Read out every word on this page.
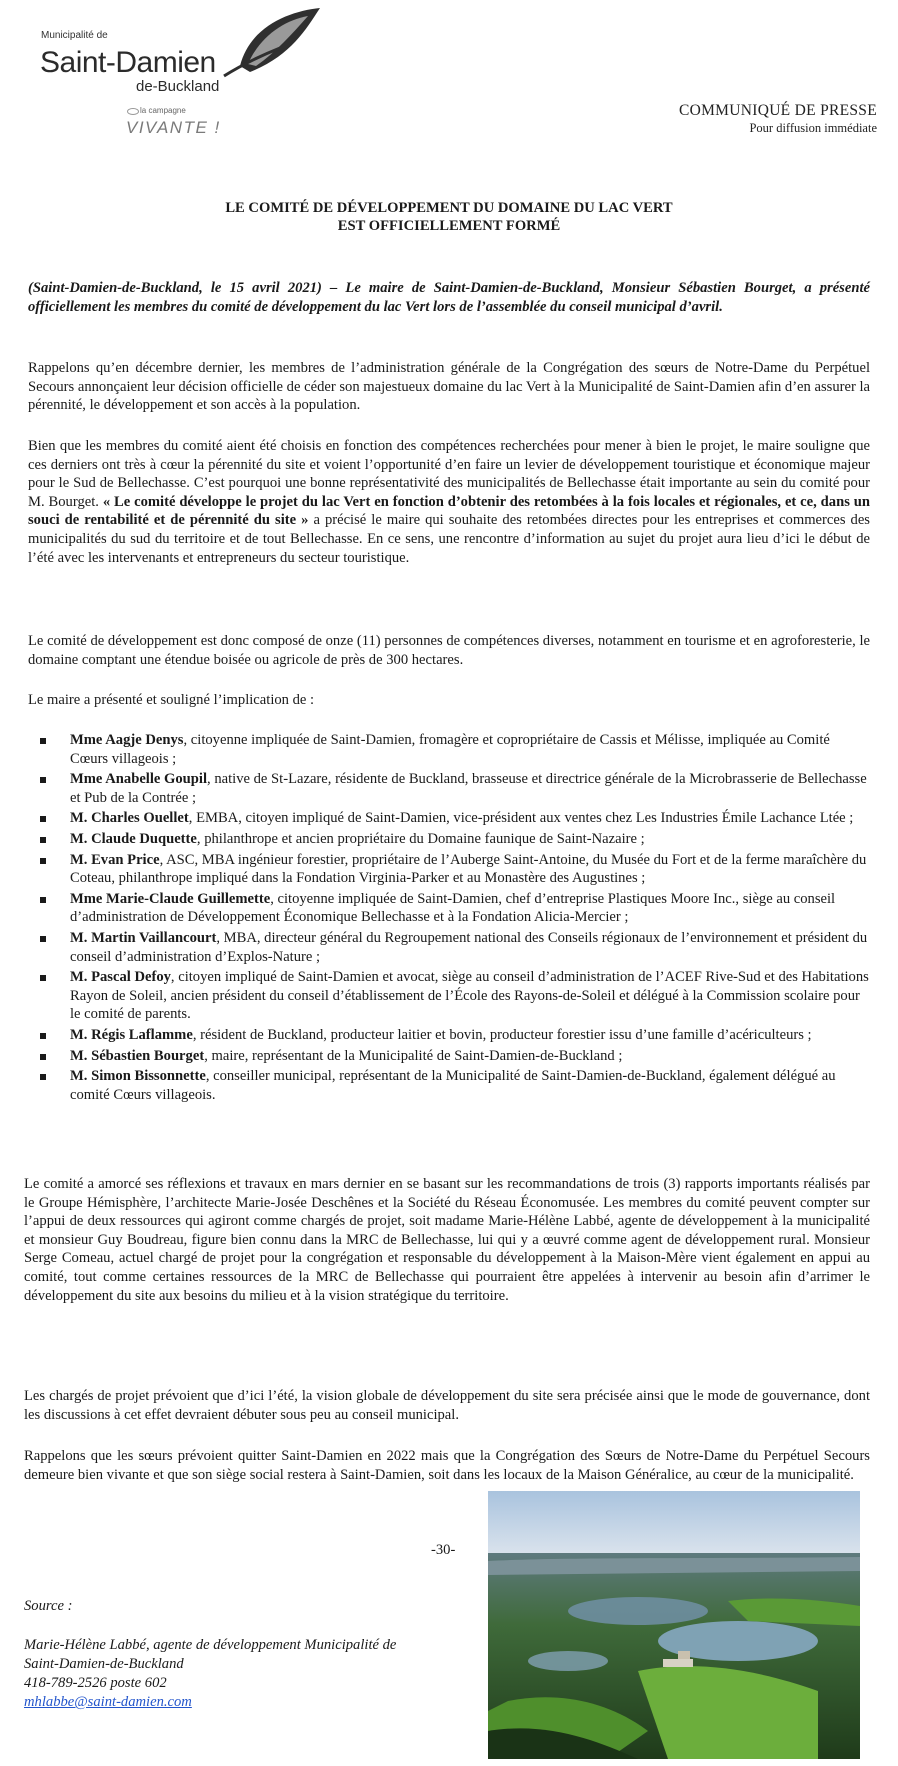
Municipalité de
Saint-Damien
de-Buckland
la campagne
VIVANTE !
COMMUNIQUÉ DE PRESSE
Pour diffusion immédiate
LE COMITÉ DE DÉVELOPPEMENT DU DOMAINE DU LAC VERT
EST OFFICIELLEMENT FORMÉ
(Saint-Damien-de-Buckland, le 15 avril 2021) – Le maire de Saint-Damien-de-Buckland, Monsieur Sébastien Bourget, a présenté officiellement les membres du comité de développement du lac Vert lors de l’assemblée du conseil municipal d’avril.
Rappelons qu’en décembre dernier, les membres de l’administration générale de la Congrégation des sœurs de Notre-Dame du Perpétuel Secours annonçaient leur décision officielle de céder son majestueux domaine du lac Vert à la Municipalité de Saint-Damien afin d’en assurer la pérennité, le développement et son accès à la population.
Bien que les membres du comité aient été choisis en fonction des compétences recherchées pour mener à bien le projet, le maire souligne que ces derniers ont très à cœur la pérennité du site et voient l’opportunité d’en faire un levier de développement touristique et économique majeur pour le Sud de Bellechasse. C’est pourquoi une bonne représentativité des municipalités de Bellechasse était importante au sein du comité pour M. Bourget. « Le comité développe le projet du lac Vert en fonction d’obtenir des retombées à la fois locales et régionales, et ce, dans un souci de rentabilité et de pérennité du site » a précisé le maire qui souhaite des retombées directes pour les entreprises et commerces des municipalités du sud du territoire et de tout Bellechasse. En ce sens, une rencontre d’information au sujet du projet aura lieu d’ici le début de l’été avec les intervenants et entrepreneurs du secteur touristique.
Le comité de développement est donc composé de onze (11) personnes de compétences diverses, notamment en tourisme et en agroforesterie, le domaine comptant une étendue boisée ou agricole de près de 300 hectares.
Le maire a présenté et souligné l’implication de :
Mme Aagje Denys, citoyenne impliquée de Saint-Damien, fromagère et copropriétaire de Cassis et Mélisse, impliquée au Comité Cœurs villageois ;
Mme Anabelle Goupil, native de St-Lazare, résidente de Buckland, brasseuse et directrice générale de la Microbrasserie de Bellechasse et Pub de la Contrée ;
M. Charles Ouellet, EMBA, citoyen impliqué de Saint-Damien, vice-président aux ventes chez Les Industries Émile Lachance Ltée ;
M. Claude Duquette, philanthrope et ancien propriétaire du Domaine faunique de Saint-Nazaire ;
M. Evan Price, ASC, MBA ingénieur forestier, propriétaire de l’Auberge Saint-Antoine, du Musée du Fort et de la ferme maraîchère du Coteau, philanthrope impliqué dans la Fondation Virginia-Parker et au Monastère des Augustines ;
Mme Marie-Claude Guillemette, citoyenne impliquée de Saint-Damien, chef d’entreprise Plastiques Moore Inc., siège au conseil d’administration de Développement Économique Bellechasse et à la Fondation Alicia-Mercier ;
M. Martin Vaillancourt, MBA, directeur général du Regroupement national des Conseils régionaux de l’environnement et président du conseil d’administration d’Explos-Nature ;
M. Pascal Defoy, citoyen impliqué de Saint-Damien et avocat, siège au conseil d’administration de l’ACEF Rive-Sud et des Habitations Rayon de Soleil, ancien président du conseil d’établissement de l’École des Rayons-de-Soleil et délégué à la Commission scolaire pour le comité de parents.
M. Régis Laflamme, résident de Buckland, producteur laitier et bovin, producteur forestier issu d’une famille d’acériculteurs ;
M. Sébastien Bourget, maire, représentant de la Municipalité de Saint-Damien-de-Buckland ;
M. Simon Bissonnette, conseiller municipal, représentant de la Municipalité de Saint-Damien-de-Buckland, également délégué au comité Cœurs villageois.
Le comité a amorcé ses réflexions et travaux en mars dernier en se basant sur les recommandations de trois (3) rapports importants réalisés par le Groupe Hémisphère, l’architecte Marie-Josée Deschênes et la Société du Réseau Économusée. Les membres du comité peuvent compter sur l’appui de deux ressources qui agiront comme chargés de projet, soit madame Marie-Hélène Labbé, agente de développement à la municipalité et monsieur Guy Boudreau, figure bien connu dans la MRC de Bellechasse, lui qui y a œuvré comme agent de développement rural. Monsieur Serge Comeau, actuel chargé de projet pour la congrégation et responsable du développement à la Maison-Mère vient également en appui au comité, tout comme certaines ressources de la MRC de Bellechasse qui pourraient être appelées à intervenir au besoin afin d’arrimer le développement du site aux besoins du milieu et à la vision stratégique du territoire.
Les chargés de projet prévoient que d’ici l’été, la vision globale de développement du site sera précisée ainsi que le mode de gouvernance, dont les discussions à cet effet devraient débuter sous peu au conseil municipal.
Rappelons que les sœurs prévoient quitter Saint-Damien en 2022 mais que la Congrégation des Sœurs de Notre-Dame du Perpétuel Secours demeure bien vivante et que son siège social restera à Saint-Damien, soit dans les locaux de la Maison Généralice, au cœur de la municipalité.
-30-
Source :
Marie-Hélène Labbé, agente de développement Municipalité de
Saint-Damien-de-Buckland
418-789-2526 poste 602
mhlabbe@saint-damien.com
